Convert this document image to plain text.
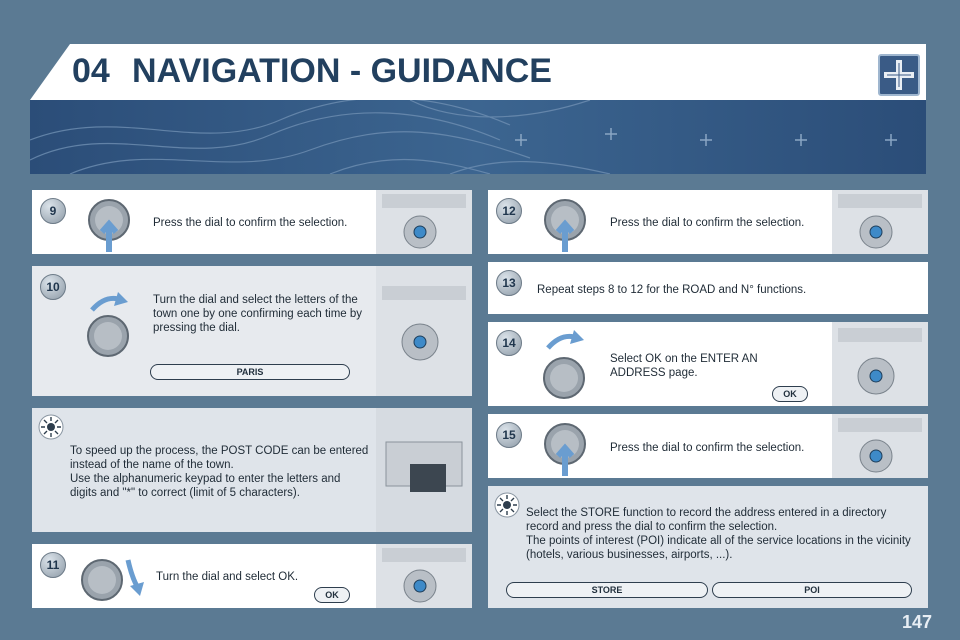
04 NAVIGATION - GUIDANCE
9
Press the dial to confirm the selection.
10
Turn the dial and select the letters of the town one by one confirming each time by pressing the dial.
PARIS
To speed up the process, the POST CODE can be entered instead of the name of the town.
Use the alphanumeric keypad to enter the letters and digits and "*" to correct (limit of 5 characters).
11
Turn the dial and select OK.
OK
12
Press the dial to confirm the selection.
13	Repeat steps 8 to 12 for the ROAD and N° functions.
14
Select OK on the ENTER AN ADDRESS page.
OK
15
Press the dial to confirm the selection.
Select the STORE function to record the address entered in a directory record and press the dial to confirm the selection.
The points of interest (POI) indicate all of the service locations in the vicinity (hotels, various businesses, airports, ...).
STORE	POI
147
